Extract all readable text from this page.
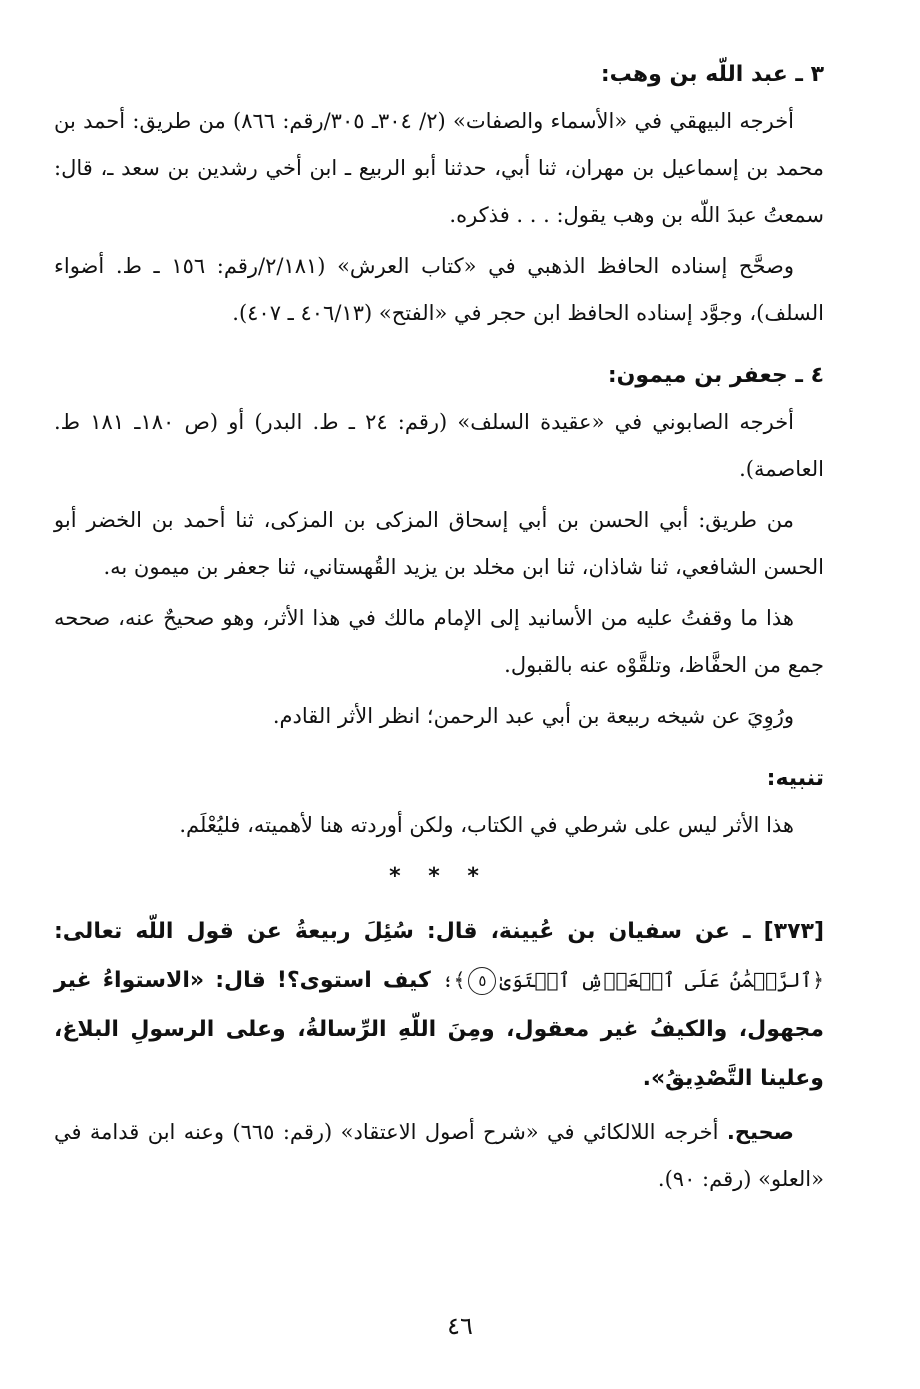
٣ ـ عبد اللّه بن وهب:

أخرجه البيهقي في «الأسماء والصفات» (٢/ ٣٠٤ـ ٣٠٥/رقم: ٨٦٦) من طريق: أحمد بن محمد بن إسماعيل بن مهران، ثنا أبي، حدثنا أبو الربيع ـ ابن أخي رشدين بن سعد ـ، قال: سمعتُ عبدَ اللّه بن وهب يقول: . . . فذكره.

وصحَّح إسناده الحافظ الذهبي في «كتاب العرش» (٢/١٨١/رقم: ١٥٦ ـ ط. أضواء السلف)، وجوَّد إسناده الحافظ ابن حجر في «الفتح» (٤٠٦/١٣ ـ ٤٠٧).

٤ ـ جعفر بن ميمون:

أخرجه الصابوني في «عقيدة السلف» (رقم: ٢٤ ـ ط. البدر) أو (ص ١٨٠ـ ١٨١ ط. العاصمة).

من طريق: أبي الحسن بن أبي إسحاق المزكى بن المزكى، ثنا أحمد بن الخضر أبو الحسن الشافعي، ثنا شاذان، ثنا ابن مخلد بن يزيد القُهستاني، ثنا جعفر بن ميمون به.

هذا ما وقفتُ عليه من الأسانيد إلى الإمام مالك في هذا الأثر، وهو صحيحٌ عنه، صححه جمع من الحفَّاظ، وتلقَّوْه عنه بالقبول.

ورُوِيَ عن شيخه ربيعة بن أبي عبد الرحمن؛ انظر الأثر القادم.

تنبيه:

هذا الأثر ليس على شرطي في الكتاب، ولكن أوردته هنا لأهميته، فليُعْلَم.

* * *

[٣٧٣] ـ عن سفيان بن عُيينة، قال: سُئِلَ ربيعةُ عن قول اللّه تعالى: ﴿ٱلرَّحۡمَٰنُ عَلَى ٱلۡعَرۡشِ ٱسۡتَوَىٰ٥﴾؛ كيف استوى؟! قال: «الاستواءُ غير مجهول، والكيفُ غير معقول، ومِنَ اللّهِ الرِّسالةُ، وعلى الرسولِ البلاغ، وعلينا التَّصْدِيقُ».

صحيح. أخرجه اللالكائي في «شرح أصول الاعتقاد» (رقم: ٦٦٥) وعنه ابن قدامة في «العلو» (رقم: ٩٠).

٤٦
